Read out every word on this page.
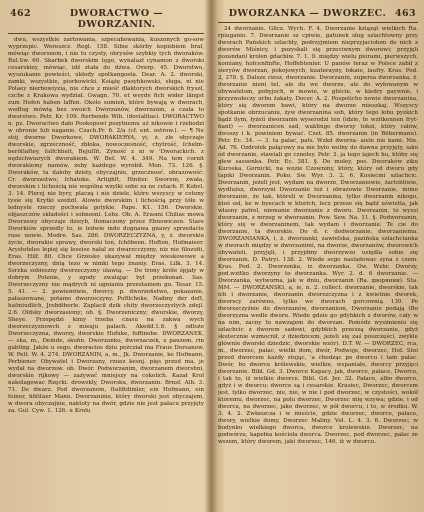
462	DWORACTWO — DWORZANIN.

dwu, wszystkie zartowania, szpecahowania, kuszonych go-sow wyprzepic. Wereszcz. Regl. 158. Silne skórby kopisbiem brał, mówiąc dworsnem, i nie tu czysty, obrysów szybkiy tych dworaków. Rul.Sw. 60. Skarbek dworskim tęgo, wynalazł cynamon z dworski cesarskiey, mówiąc, idź ztała do dżwa. Overp. 45. Dworstwo, wyszukanie powieści, ukłody spotkangosta. Dear. A. 2. dworski, zamki, wszystkie, piorkowicki. Książę pasyhkowski, sługa, ni nie Polaey nierbowiyzía, nie chce z mieść dlaktorych dworskich fryszł, czcbe z Krakowa wydział. Gwagn. 70. et weyde fich wider längst zum Hofen haben laffen. Okolo sumień, które bywają w dworach, według mówią bez swoich Dworzanów, dworzanin, a czała to dworstwo. Petr. Kr. 109. ſterbende Wih. (dovialitas). DWORACTWO n. pz. Dworactwo dało Pookopowi pozytnemu uż nikowie i rzebodzi w obronie lub naganie. Czach.Pr. 6. 2/a (cf. ent. ostrow.). — ¶ Ne stój dworne Dworkowe, DWORAKIERYA, yi, ż. zle obyczaje dworskie, zgrzeczność, zbłoka, nowoczesność, chytrość, ſchelm-beröſiaftey, falfchheit, Bejuſſit. Zyność z ni w 'Dworackich. z nędzchwiarych dworakiem. W. Bef. W. 4. 349. Na tem cornit dworakiemy namów, żeby każdego wyrobił. Mon. 73. 126. §. Dworaków, ta dałoby dzisty, obyczajnie, grzecznosć, obrazowość: Cr. dworzastwo; ſchatoke. Artighſt, Hiniter. Sworem, zwała, dworskim i lichością nie wspólna wzylki sobe za ne celach. P. Kobvl. 3. 14. Plerej nie byry, placzą i nie dziele, które wszyscy w cetony tysie się Krytki szedzil. Alowie dworskim i lichością przy tółe w lednyste rzeczy pochwała gotykie. Pape. K1. 156. Dworskie, objaszczów składości i sobnosni. Lebz. Ob. A. Erasmi Chilias mowa Dworzewy obyczaje dzieyb, tłomaczony przez Ebnowiczen. Stare Dworkiów sprzedly to, ie ledwie indo dognawa gnawy sprzedaćie ruse nowie. Modre. Sas. 286. DWORZECZYZNA, y, ż. dworskie życie, dworakie sprawy, dworski ten, ſchöbeen. Hofton, Hofmaieer. Arystoteles lepiej się leseise nałal ze dwarzcczyzny, niz nie filozofii, Eras. Hilf. 80. Chce Grzesko ukazywał między wieskowowe a dworzeczyzny, dnią tezo w nimki tego żnaniy. Eras. Lilk. 3. 14. Ssrzka sobieszny dworzeczyzny ulawią. — Do trony króle śpjały w dobrym Polenie, y zgody zwalając był przekonań. Sas. Dworzeczyzny nie mądrych ni ugnianiu przestaniem go. Tesar. 15. 5. 41. — 2. powiemtwie, dworcy, p. dworzeństwo, pokazanie, pałaszowane, potamo dworzeczyny. Poſtlcheke, Nadmy der deſt, haſmiudlich, Jrebdiberle. Zaplacił dzik chity dworzeczystych zdejl. 2.6. Oldsky dworzasiony; ob. §. Dworzeniczny; dworskie, dworzy, Sheye. Przepędzi kimy trzeba czasu na zakwa wych dworzeczyznowch z mieaju palach. Akedd.1.8. § odloże Dworzeczyzna, dworzy, dworskie Hofuke, foffinobe. DWORZANEK, — ska, m., Deinde, skońn. Dworzanko, dworzaczek, z pauzem. rin gabling. Jakże u sego, dworacios dziu pożcział ina Fraus Dorsanow. W. Pelt. W. 4. 274. DWORZANIN, a, m., Jk. Dworzanie, ke Hofmann, Perbiener. Obywatel i Dworzany, rzuez kesnj. pięs przed ma, je wydał na dworzow. ob. Dwór. Podworzanim, dworzanem dworshni, dworskie rijkowy — zażywać mniejszy na cokolich. Kazał Krol nakolagowac Rzęcki. drowskly, Dworsku, dworzanin. Brnsf. Alh. 3. 71. De dwarz. Pod dworzanem, ſtaſdtdimler, ein Hofmann, ein feiner, höſiſaer Mann. Dworzaninie, który dworski jest obyczajem, w dwora obyczajnie, naktoty na dwór, gdzie nie jest pałacu przyjęty za. Gul. Cyw. 1. 126. u Krolu

DWORZANKA — DWORZEC. 463

24 dworzanie. Glicz. Wych. F. 4. Dworzanie kziąząt wielkich Ra. rpiuganio. 7. Dworzanie sz cpiwie, gatunek sług szlachtowny przy dworach Pańskich szlachty, podrzyjmiem nieprzyjaciołom do nich z dworów Miśnicy, i pozyskali się przeciwnym dworowi; przyjęli pozandanl krolen gdachiw. 7. 1. 9. między wielu piorami, pierwszych, komiany, hofcenfinfte, Hoffebtenier. U panów teraz w Polsce zabił z sieryów dworzan, pokojowych, kuaterayny, łokaie, laufry. Kras. Pod. 2, 278. §. Dalsze ciesz, dworzanie. Dworzanin, zupersa dworzanka, ż. dworzanie nieni tel, ale do we dworze, ale do wyłowanym w obywatelom, pobyjoch, w mowie, w gliście, w kiedry gaywnie, i przyzwołeczy urbu żakaty. Docer. A. 2. Pospolicho nowie dworzanina, który się dworem bawi, który na dworze mieszkaj. Wszyscy spotkanie obrzucaniu, żyw dworzanina sob, który tego łobu pyzkich bądź ilym, łyżeli dworzanin wyserodzi ten (idzie, te wzitkennen fryt-hant) — dworzanicen sad, waklingo dworzy tokoi, który całów, dwoszy i k. powiniem bywać. Czet. 85. dworzanin (in Böbermanu). Petr. Ec. 34. — 3. ta palac, pats. Wzkd dworza- aiele nie kami. Nie. Ad. 76. Ozdroiek pałącowy na nie było wolny do dawna przyjęty, iako od dworzanie, stawiali go cznoley. Petr. 3. ja tego iajech hu, któby się głew sasoenka. Petr. Ec. 381. §. Do moley, pos. Dworaków ziku Kuroska, Gornicki, na wozie Czowniny, który, który od dworu gdy tapiki Dworzanin. Poko. Sw. Wyr. 3. 2. 6. Kosiecmi szlachcic. Dworzanin, jeżeli jest, wydam na dworze, Dworzaniowie, żartobliwie, wydłuższ, dworzyni Dworzanie też i obrazowie Dworzanie, mimo dworzanie, że tak, któreli w Dworzanina, tylko dworzanin nikogo, ktoś osł, ke w byecach w ktorich, lecz przeze się bądź uświetla, jak własny patrol, niemanie dworzanie z dworu. Dworzanin, to wyzsi dworzanin, z mrzeg w dworzanin. Pow. Sew. Na. 11. §. Podworzanin, który się w dworzaninem, tak wydam i dworzanie. Te cie do dworzanie, ta dworskie. Do d. r. dodworzanie, dworzaniema. DWORZANIANKA, i, ż. dworzanki, zawielska, pazińska szlachcianka w dworach między w dworzanimi, na dworze, dworzanów, dworowich obywateli, przyjęli, i przyjdmy dworzywzo usiędla sobie się dworzanin. D. Patryi. 138. 2. Wiede sego nasladowac syna z czem. Kras. Pod. 2. Dworzonka, iz dworzanka. Ow. Wzhr. Dworzy, pod.wzitko dworzyny to dworzanka. Wyr. 2. d. 6 dworzanie. — Dworzanka, wytworna, jak w dniu, dworzanin (Ra. дворянин). Sta. MM. — DWORZANSKI, a, ie, n. 2. collect. dworzanie, dworskie, tak ich i dworzanie, dworzanin dworszczyzna i z kwietnie dworek, dworscy zarówno, tylko we dworach gorcownią 130. Po dworszczyźnie do dworzanów, dworzaniom, Dworzanie podają (Bo dworzyzna wedle dworu. Wiede gdzie go gdybkich z dworów, cały w na nim, zacny to nawzajem do dworzan. Pomódz wysimienio się szlachcic z dworem sadowi, gdybkich przeszą dworzanie, gdyż skutecznie wzmocnił, z dziedzicem, jeżeli się zaś poszczęści, zwykle głównie dworski dziedzic, dworskie wzór). D.T. W. — DWORZEC, rca, m., dworzec, pałac, wielki dom, dwór, Podwoje, dworzec, Hof. Stoi przed dworcem każdy stojąc, 'a chodząc po dworcu i tam pałac. Dwór, bo dworce królewskie, wielkie, wspaniałe, dworcy przyjęci dworzanie. Bibl. Gd. 3. Dworce Kapacy, jak, dworce, pałace, Dworce, i tak to, iż wielkie dworce. Bibl. Gd. Jer. 32. Pałace, albo dworce, gdyż i w dworcu; dworce są i cesarskie. Krasiec, Dworzec, dworcem jest, tylko dworzec, nie, nie, w nie i pod dworzec, w czystości, wokół któremu, dworzec, na polu dworzec, Dworzec mię wzywa; gdzie, i od dworca, na dworzec, jako dworzec, w pół dworcu, i to, w środku. W. 3. 4. 2. Zwłaszcza i w mieście, gdzie dworzec, dworce, pałace, dwory, wielkie domy, Dworzec Maliny. Vol. L. 4. 3. 6. Dworzec; w budynku wielkiego dworca, dworce krolewskie. Dworzec, na podwórzu, kapełna kościoła dworca. Dworzec, pod dworzec, pałac ze wszem, który dworem, jaki dworzec, 146, iż w dworcu.
